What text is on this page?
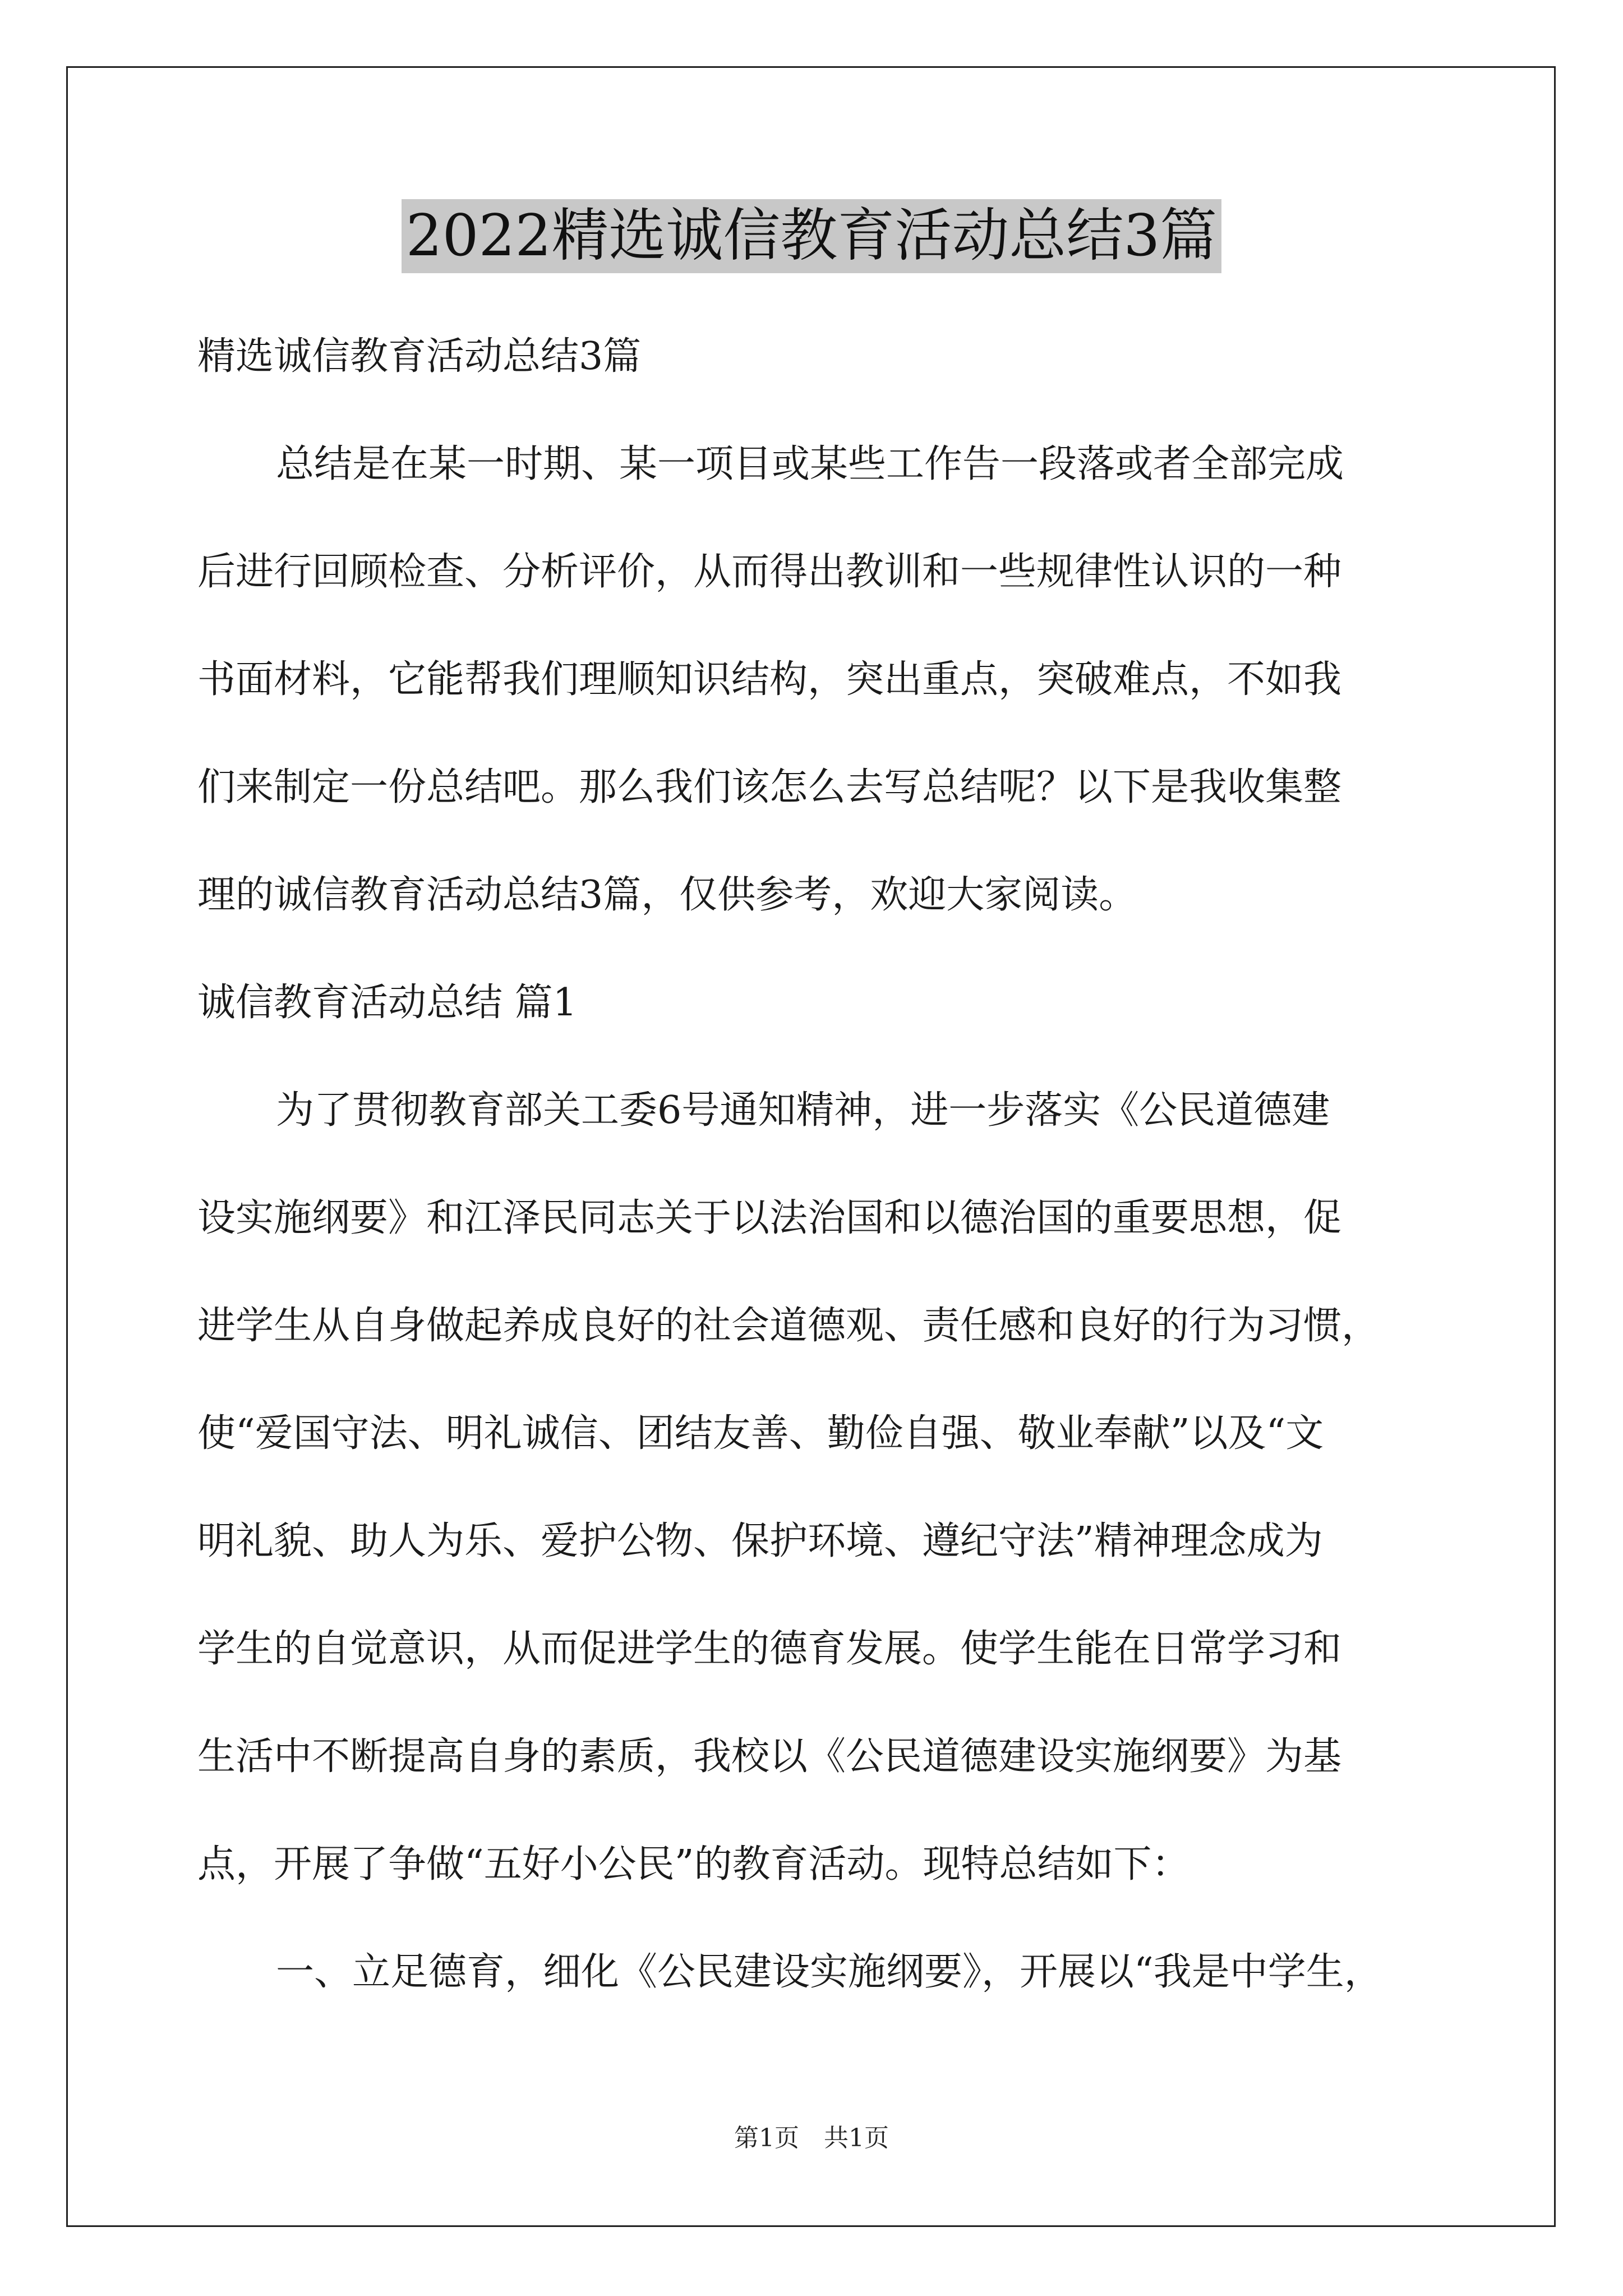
2022精选诚信教育活动总结3篇
精选诚信教育活动总结3篇
总结是在某一时期、某一项目或某些工作告一段落或者全部完成
后进行回顾检查、分析评价，从而得出教训和一些规律性认识的一种
书面材料，它能帮我们理顺知识结构，突出重点，突破难点，不如我
们来制定一份总结吧。那么我们该怎么去写总结呢？以下是我收集整
理的诚信教育活动总结3篇，仅供参考，欢迎大家阅读。
诚信教育活动总结 篇1
为了贯彻教育部关工委6号通知精神，进一步落实《公民道德建
设实施纲要》和江泽民同志关于以法治国和以德治国的重要思想，促
进学生从自身做起养成良好的社会道德观、责任感和良好的行为习惯，
使“爱国守法、明礼诚信、团结友善、勤俭自强、敬业奉献”以及“文
明礼貌、助人为乐、爱护公物、保护环境、遵纪守法”精神理念成为
学生的自觉意识，从而促进学生的德育发展。使学生能在日常学习和
生活中不断提高自身的素质，我校以《公民道德建设实施纲要》为基
点，开展了争做“五好小公民”的教育活动。现特总结如下：
一、立足德育，细化《公民建设实施纲要》，开展以“我是中学生，
第1页　共1页
